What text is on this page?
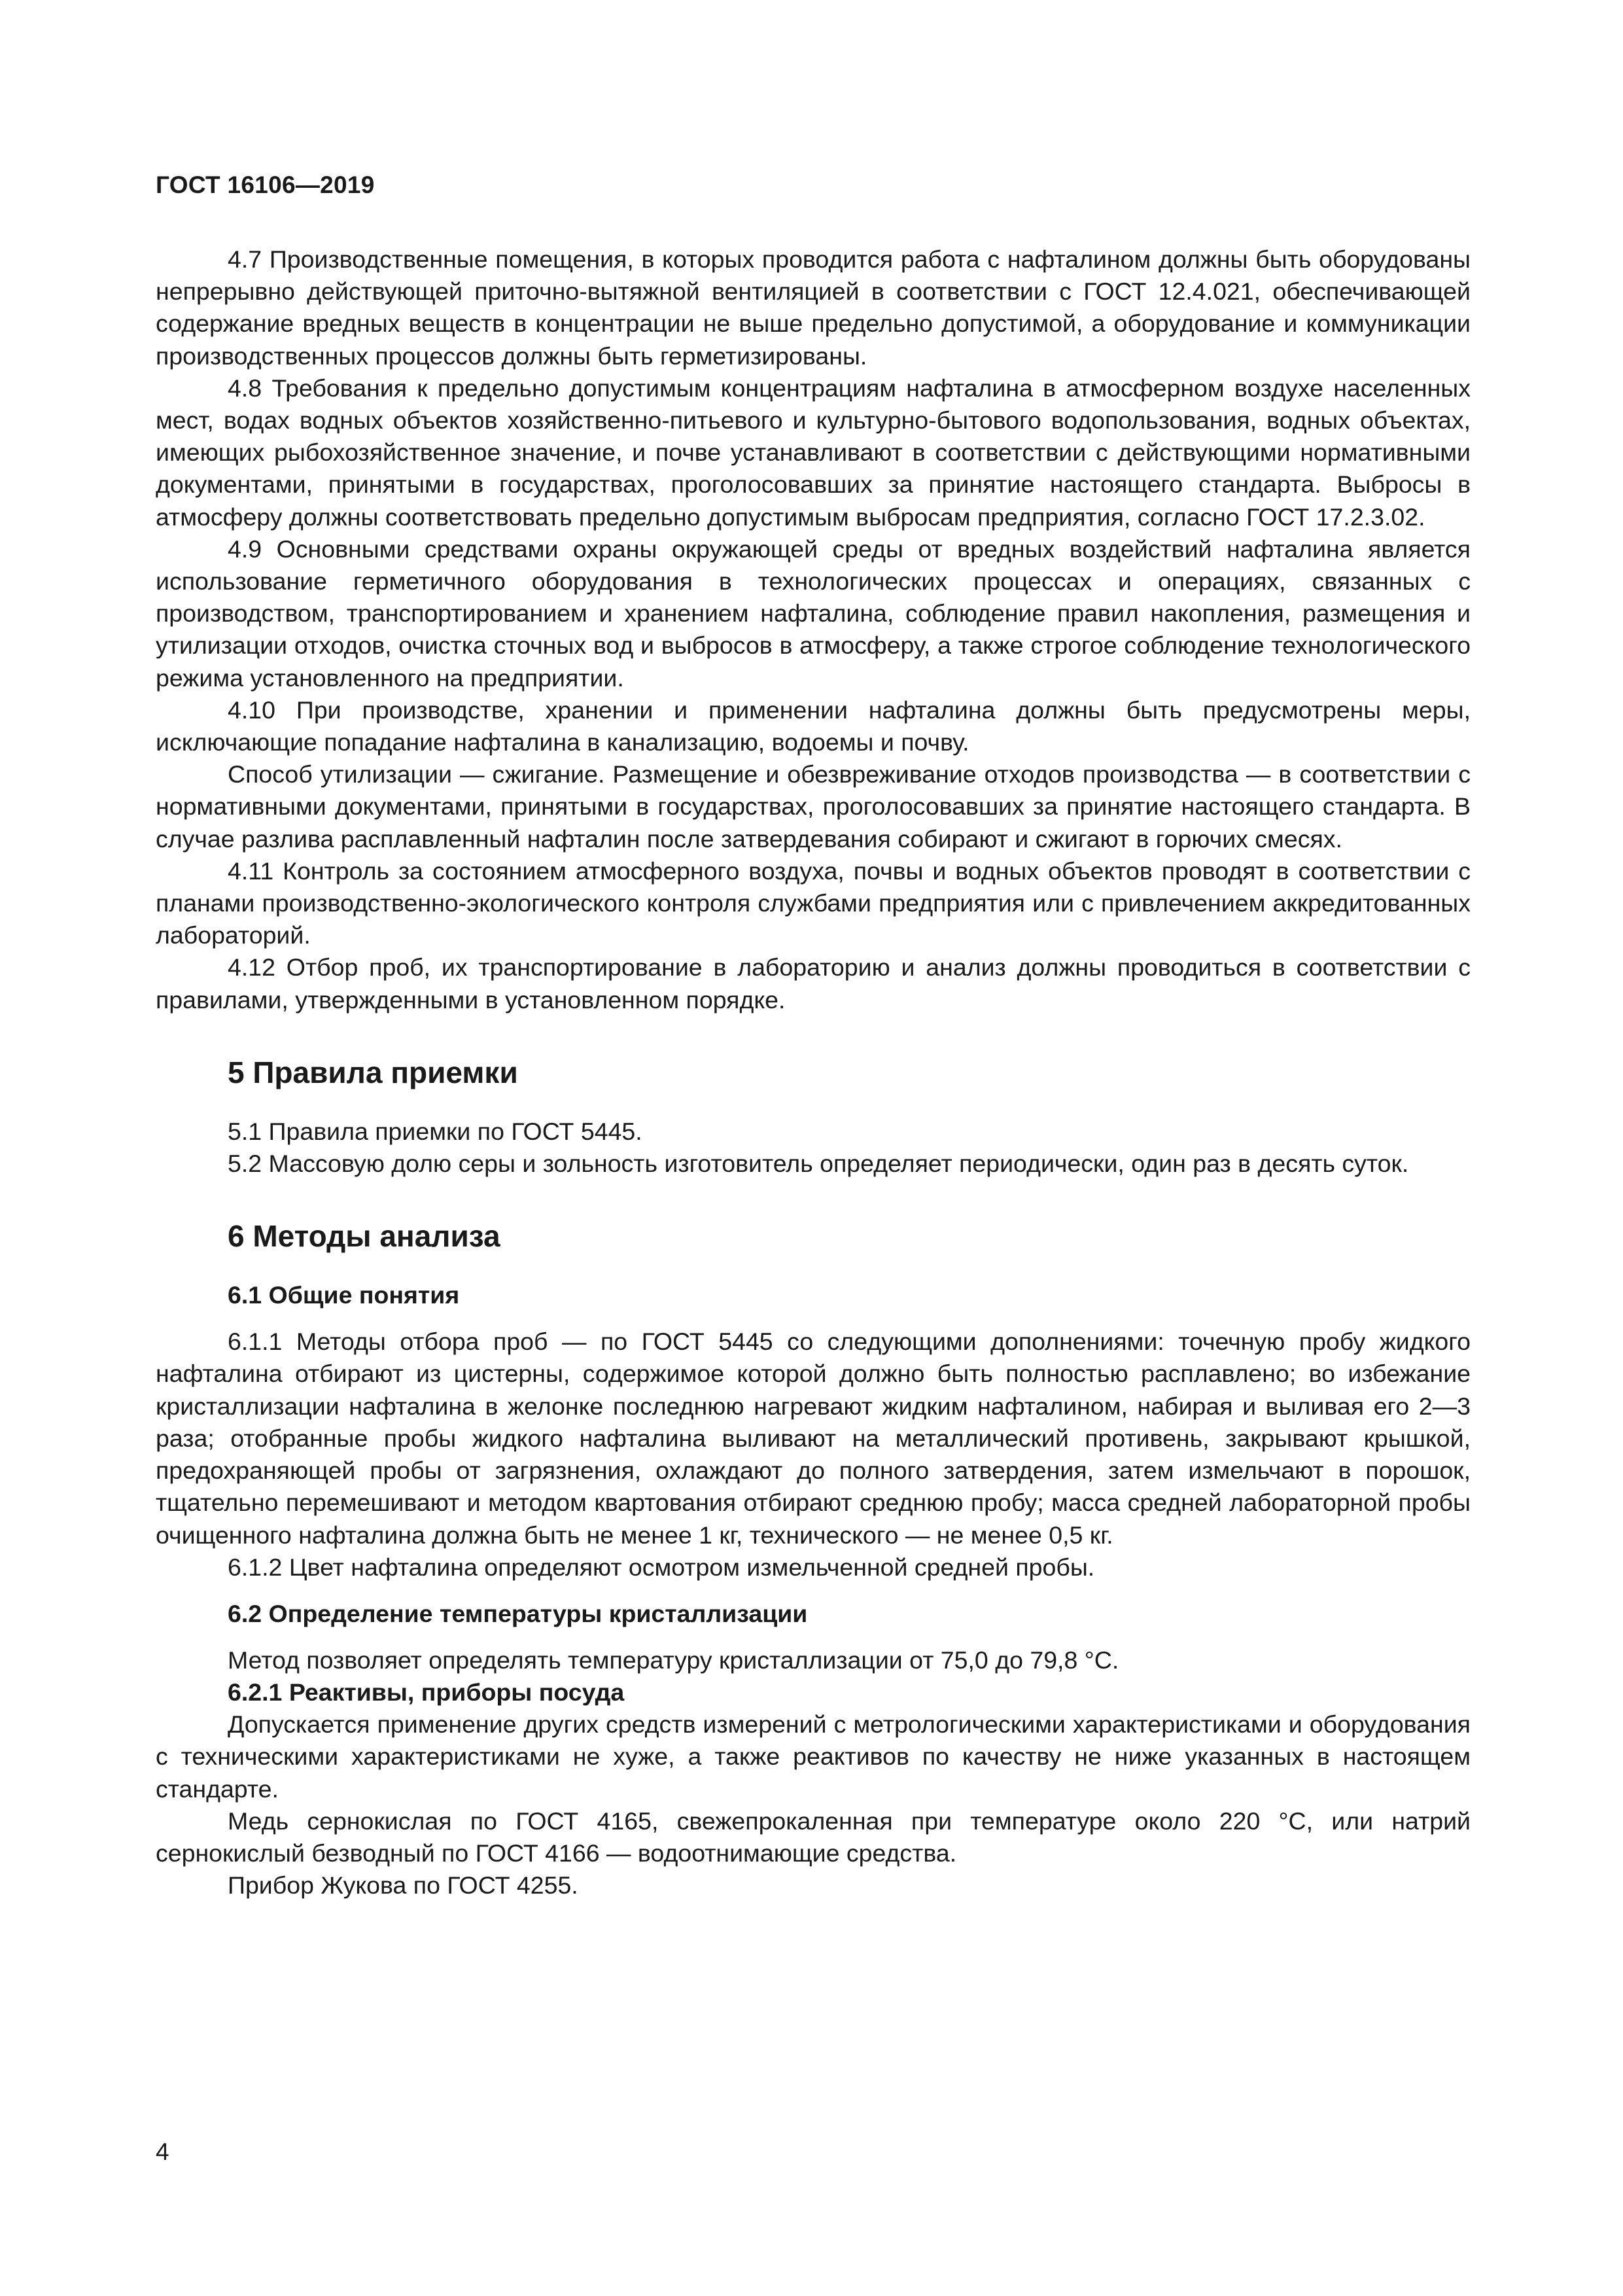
ГОСТ 16106—2019

4.7 Производственные помещения, в которых проводится работа с нафталином должны быть оборудованы непрерывно действующей приточно-вытяжной вентиляцией в соответствии с ГОСТ 12.4.021, обеспечивающей содержание вредных веществ в концентрации не выше предельно допустимой, а оборудование и коммуникации производственных процессов должны быть герметизированы.

4.8 Требования к предельно допустимым концентрациям нафталина в атмосферном воздухе населенных мест, водах водных объектов хозяйственно-питьевого и культурно-бытового водопользования, водных объектах, имеющих рыбохозяйственное значение, и почве устанавливают в соответствии с действующими нормативными документами, принятыми в государствах, проголосовавших за принятие настоящего стандарта. Выбросы в атмосферу должны соответствовать предельно допустимым выбросам предприятия, согласно ГОСТ 17.2.3.02.

4.9 Основными средствами охраны окружающей среды от вредных воздействий нафталина является использование герметичного оборудования в технологических процессах и операциях, связанных с производством, транспортированием и хранением нафталина, соблюдение правил накопления, размещения и утилизации отходов, очистка сточных вод и выбросов в атмосферу, а также строгое соблюдение технологического режима установленного на предприятии.

4.10 При производстве, хранении и применении нафталина должны быть предусмотрены меры, исключающие попадание нафталина в канализацию, водоемы и почву.

Способ утилизации — сжигание. Размещение и обезвреживание отходов производства — в соответствии с нормативными документами, принятыми в государствах, проголосовавших за принятие настоящего стандарта. В случае разлива расплавленный нафталин после затвердевания собирают и сжигают в горючих смесях.

4.11 Контроль за состоянием атмосферного воздуха, почвы и водных объектов проводят в соответствии с планами производственно-экологического контроля службами предприятия или с привлечением аккредитованных лабораторий.

4.12 Отбор проб, их транспортирование в лабораторию и анализ должны проводиться в соответствии с правилами, утвержденными в установленном порядке.

5 Правила приемки

5.1 Правила приемки по ГОСТ 5445.

5.2 Массовую долю серы и зольность изготовитель определяет периодически, один раз в десять суток.

6 Методы анализа
6.1 Общие понятия

6.1.1 Методы отбора проб — по ГОСТ 5445 со следующими дополнениями: точечную пробу жидкого нафталина отбирают из цистерны, содержимое которой должно быть полностью расплавлено; во избежание кристаллизации нафталина в желонке последнюю нагревают жидким нафталином, набирая и выливая его 2—3 раза; отобранные пробы жидкого нафталина выливают на металлический противень, закрывают крышкой, предохраняющей пробы от загрязнения, охлаждают до полного затвердения, затем измельчают в порошок, тщательно перемешивают и методом квартования отбирают среднюю пробу; масса средней лабораторной пробы очищенного нафталина должна быть не менее 1 кг, технического — не менее 0,5 кг.

6.1.2 Цвет нафталина определяют осмотром измельченной средней пробы.

6.2 Определение температуры кристаллизации

Метод позволяет определять температуру кристаллизации от 75,0 до 79,8 °С.

6.2.1 Реактивы, приборы посуда

Допускается применение других средств измерений с метрологическими характеристиками и оборудования с техническими характеристиками не хуже, а также реактивов по качеству не ниже указанных в настоящем стандарте.

Медь сернокислая по ГОСТ 4165, свежепрокаленная при температуре около 220 °С, или натрий сернокислый безводный по ГОСТ 4166 — водоотнимающие средства.

Прибор Жукова по ГОСТ 4255.

4
